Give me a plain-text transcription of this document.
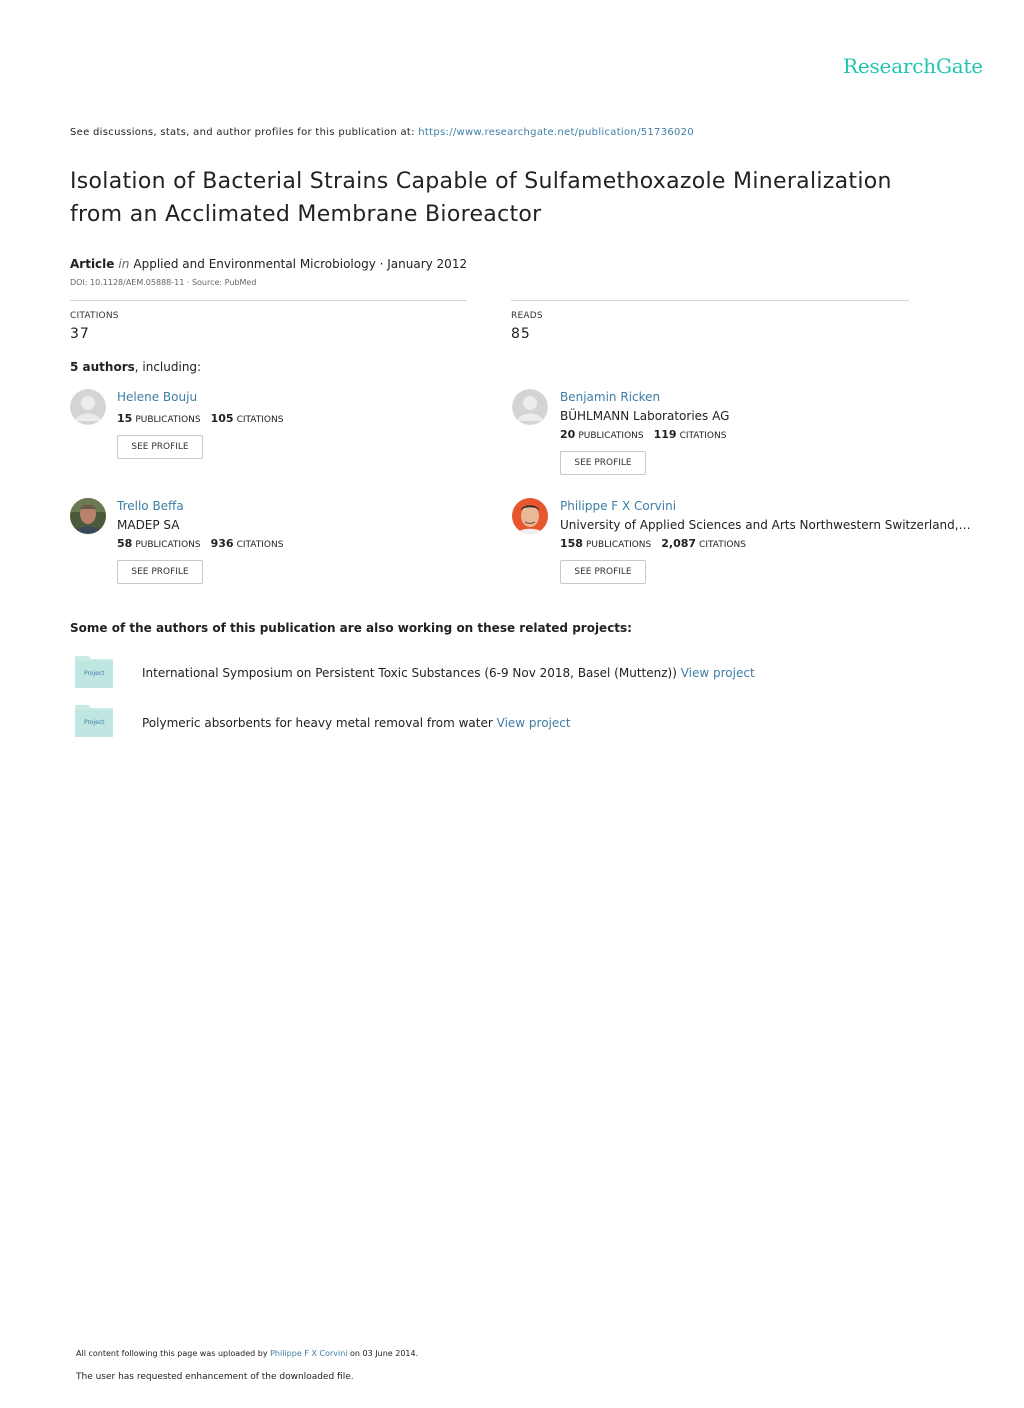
ResearchGate
See discussions, stats, and author profiles for this publication at: https://www.researchgate.net/publication/51736020
Isolation of Bacterial Strains Capable of Sulfamethoxazole Mineralization
from an Acclimated Membrane Bioreactor
Article in Applied and Environmental Microbiology · January 2012
DOI: 10.1128/AEM.05888-11 · Source: PubMed
CITATIONS
37
READS
85
5 authors, including:
Helene Bouju
15 PUBLICATIONS 105 CITATIONS
SEE PROFILE
Benjamin Ricken
BÜHLMANN Laboratories AG
20 PUBLICATIONS 119 CITATIONS
SEE PROFILE
Trello Beffa
MADEP SA
58 PUBLICATIONS 936 CITATIONS
SEE PROFILE
Philippe F X Corvini
University of Applied Sciences and Arts Northwestern Switzerland,…
158 PUBLICATIONS 2,087 CITATIONS
SEE PROFILE
Some of the authors of this publication are also working on these related projects:
Project	International Symposium on Persistent Toxic Substances (6-9 Nov 2018, Basel (Muttenz)) View project
Project	Polymeric absorbents for heavy metal removal from water View project
All content following this page was uploaded by Philippe F X Corvini on 03 June 2014.
The user has requested enhancement of the downloaded file.
